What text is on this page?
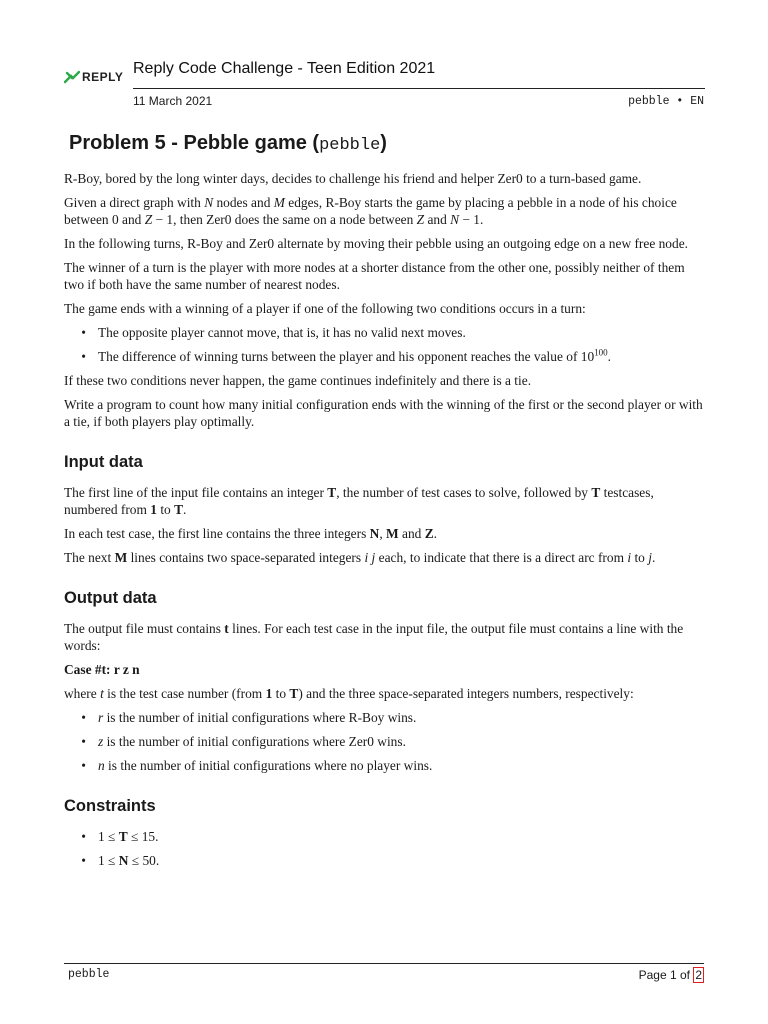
REPLY Reply Code Challenge - Teen Edition 2021
11 March 2021	pebble • EN
Problem 5 - Pebble game (pebble)

R-Boy, bored by the long winter days, decides to challenge his friend and helper Zer0 to a turn-based game.

Given a direct graph with N nodes and M edges, R-Boy starts the game by placing a pebble in a node of his choice between 0 and Z − 1, then Zer0 does the same on a node between Z and N − 1.

In the following turns, R-Boy and Zer0 alternate by moving their pebble using an outgoing edge on a new free node.

The winner of a turn is the player with more nodes at a shorter distance from the other one, possibly neither of them two if both have the same number of nearest nodes.

The game ends with a winning of a player if one of the following two conditions occurs in a turn:

• The opposite player cannot move, that is, it has no valid next moves.
• The difference of winning turns between the player and his opponent reaches the value of $10^{100}$.

If these two conditions never happen, the game continues indefinitely and there is a tie.

Write a program to count how many initial configuration ends with the winning of the first or the second player or with a tie, if both players play optimally.

Input data

The first line of the input file contains an integer T, the number of test cases to solve, followed by T testcases, numbered from 1 to T.

In each test case, the first line contains the three integers N, M and Z.

The next M lines contains two space-separated integers i j each, to indicate that there is a direct arc from i to j.

Output data

The output file must contains t lines. For each test case in the input file, the output file must contains a line with the words:

Case #t: r z n

where t is the test case number (from 1 to T) and the three space-separated integers numbers, respectively:

• r is the number of initial configurations where R-Boy wins.
• z is the number of initial configurations where Zer0 wins.
• n is the number of initial configurations where no player wins.
Constraints
• 1 ≤ T ≤ 15.
• 1 ≤ N ≤ 50.
pebble	Page 1 of 2
